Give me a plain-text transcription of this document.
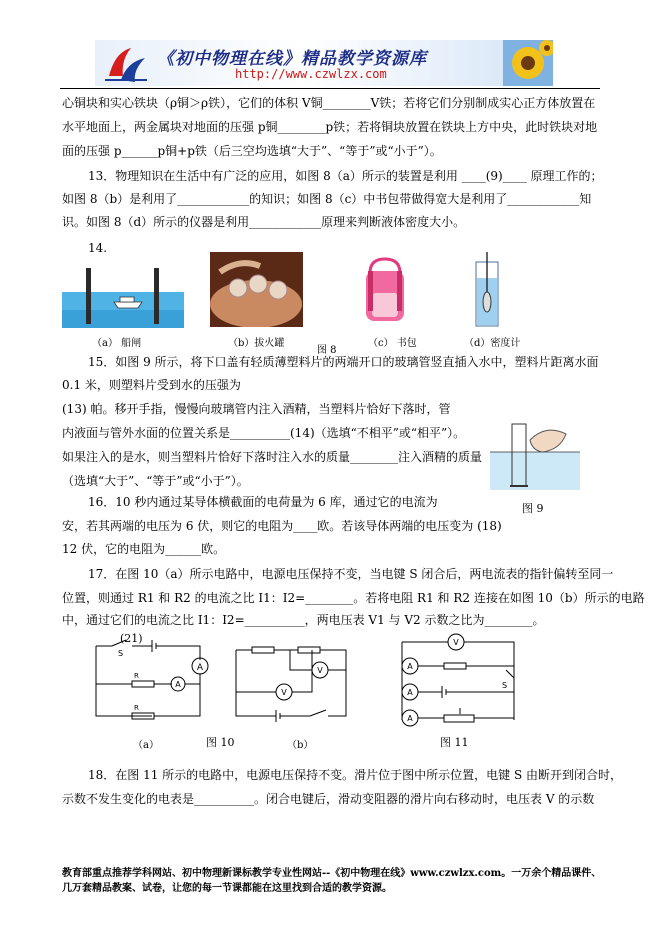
《初中物理在线》精品教学资源库
http://www.czwlzx.com
心铜块和实心铁块（ρ铜＞ρ铁），它们的体积 V铜________V铁；若将它们分别制成实心正方体放置在
水平地面上，两金属块对地面的压强 p铜________p铁；若将铜块放置在铁块上方中央，此时铁块对地
面的压强 p______p铜+p铁（后三空均选填“大于”、“等于”或“小于”）。
13．物理知识在生活中有广泛的应用，如图 8（a）所示的装置是利用 ____(9)____ 原理工作的；
如图 8（b）是利用了____________的知识；如图 8（c）中书包带做得宽大是利用了____________知
识。如图 8（d）所示的仪器是利用____________原理来判断液体密度大小。
14.
（a） 船闸	（b）拔火罐
图 8
（c） 书包	（d）密度计
15．如图 9 所示，将下口盖有轻质薄塑料片的两端开口的玻璃管竖直插入水中，塑料片距离水面
0.1 米，则塑料片受到水的压强为
(13) 帕。移开手指，慢慢向玻璃管内注入酒精，当塑料片恰好下落时，管
内液面与管外水面的位置关系是__________(14)（选填“不相平”或“相平”）。
如果注入的是水，则当塑料片恰好下落时注入水的质量________注入酒精的质量
（选填“大于”、“等于”或“小于”）。
图 9
16．10 秒内通过某导体横截面的电荷量为 6 库，通过它的电流为
安，若其两端的电压为 6 伏，则它的电阻为____欧。若该导体两端的电压变为 (18)
12 伏，它的电阻为______欧。
17．在图 10（a）所示电路中，电源电压保持不变，当电键 S 闭合后，两电流表的指针偏转至同一
位置，则通过 R1 和 R2 的电流之比 I1：I2=________。若将电阻 R1 和 R2 连接在如图 10（b）所示的电路
中，通过它们的电流之比 I1：I2=__________，两电压表 V1 与 V2 示数之比为________。
A
A
S
R
R
(21)
（a）	图 10
V
V
（b）
V
A
A
A
S
图 11
18．在图 11 所示的电路中，电源电压保持不变。滑片位于图中所示位置，电键 S 由断开到闭合时，
示数不发生变化的电表是__________。闭合电键后，滑动变阻器的滑片向右移动时，电压表 V 的示数
教育部重点推荐学科网站、初中物理新课标教学专业性网站--《初中物理在线》www.czwlzx.com。一万余个精品课件、
几万套精品教案、试卷，让您的每一节课都能在这里找到合适的教学资源。
